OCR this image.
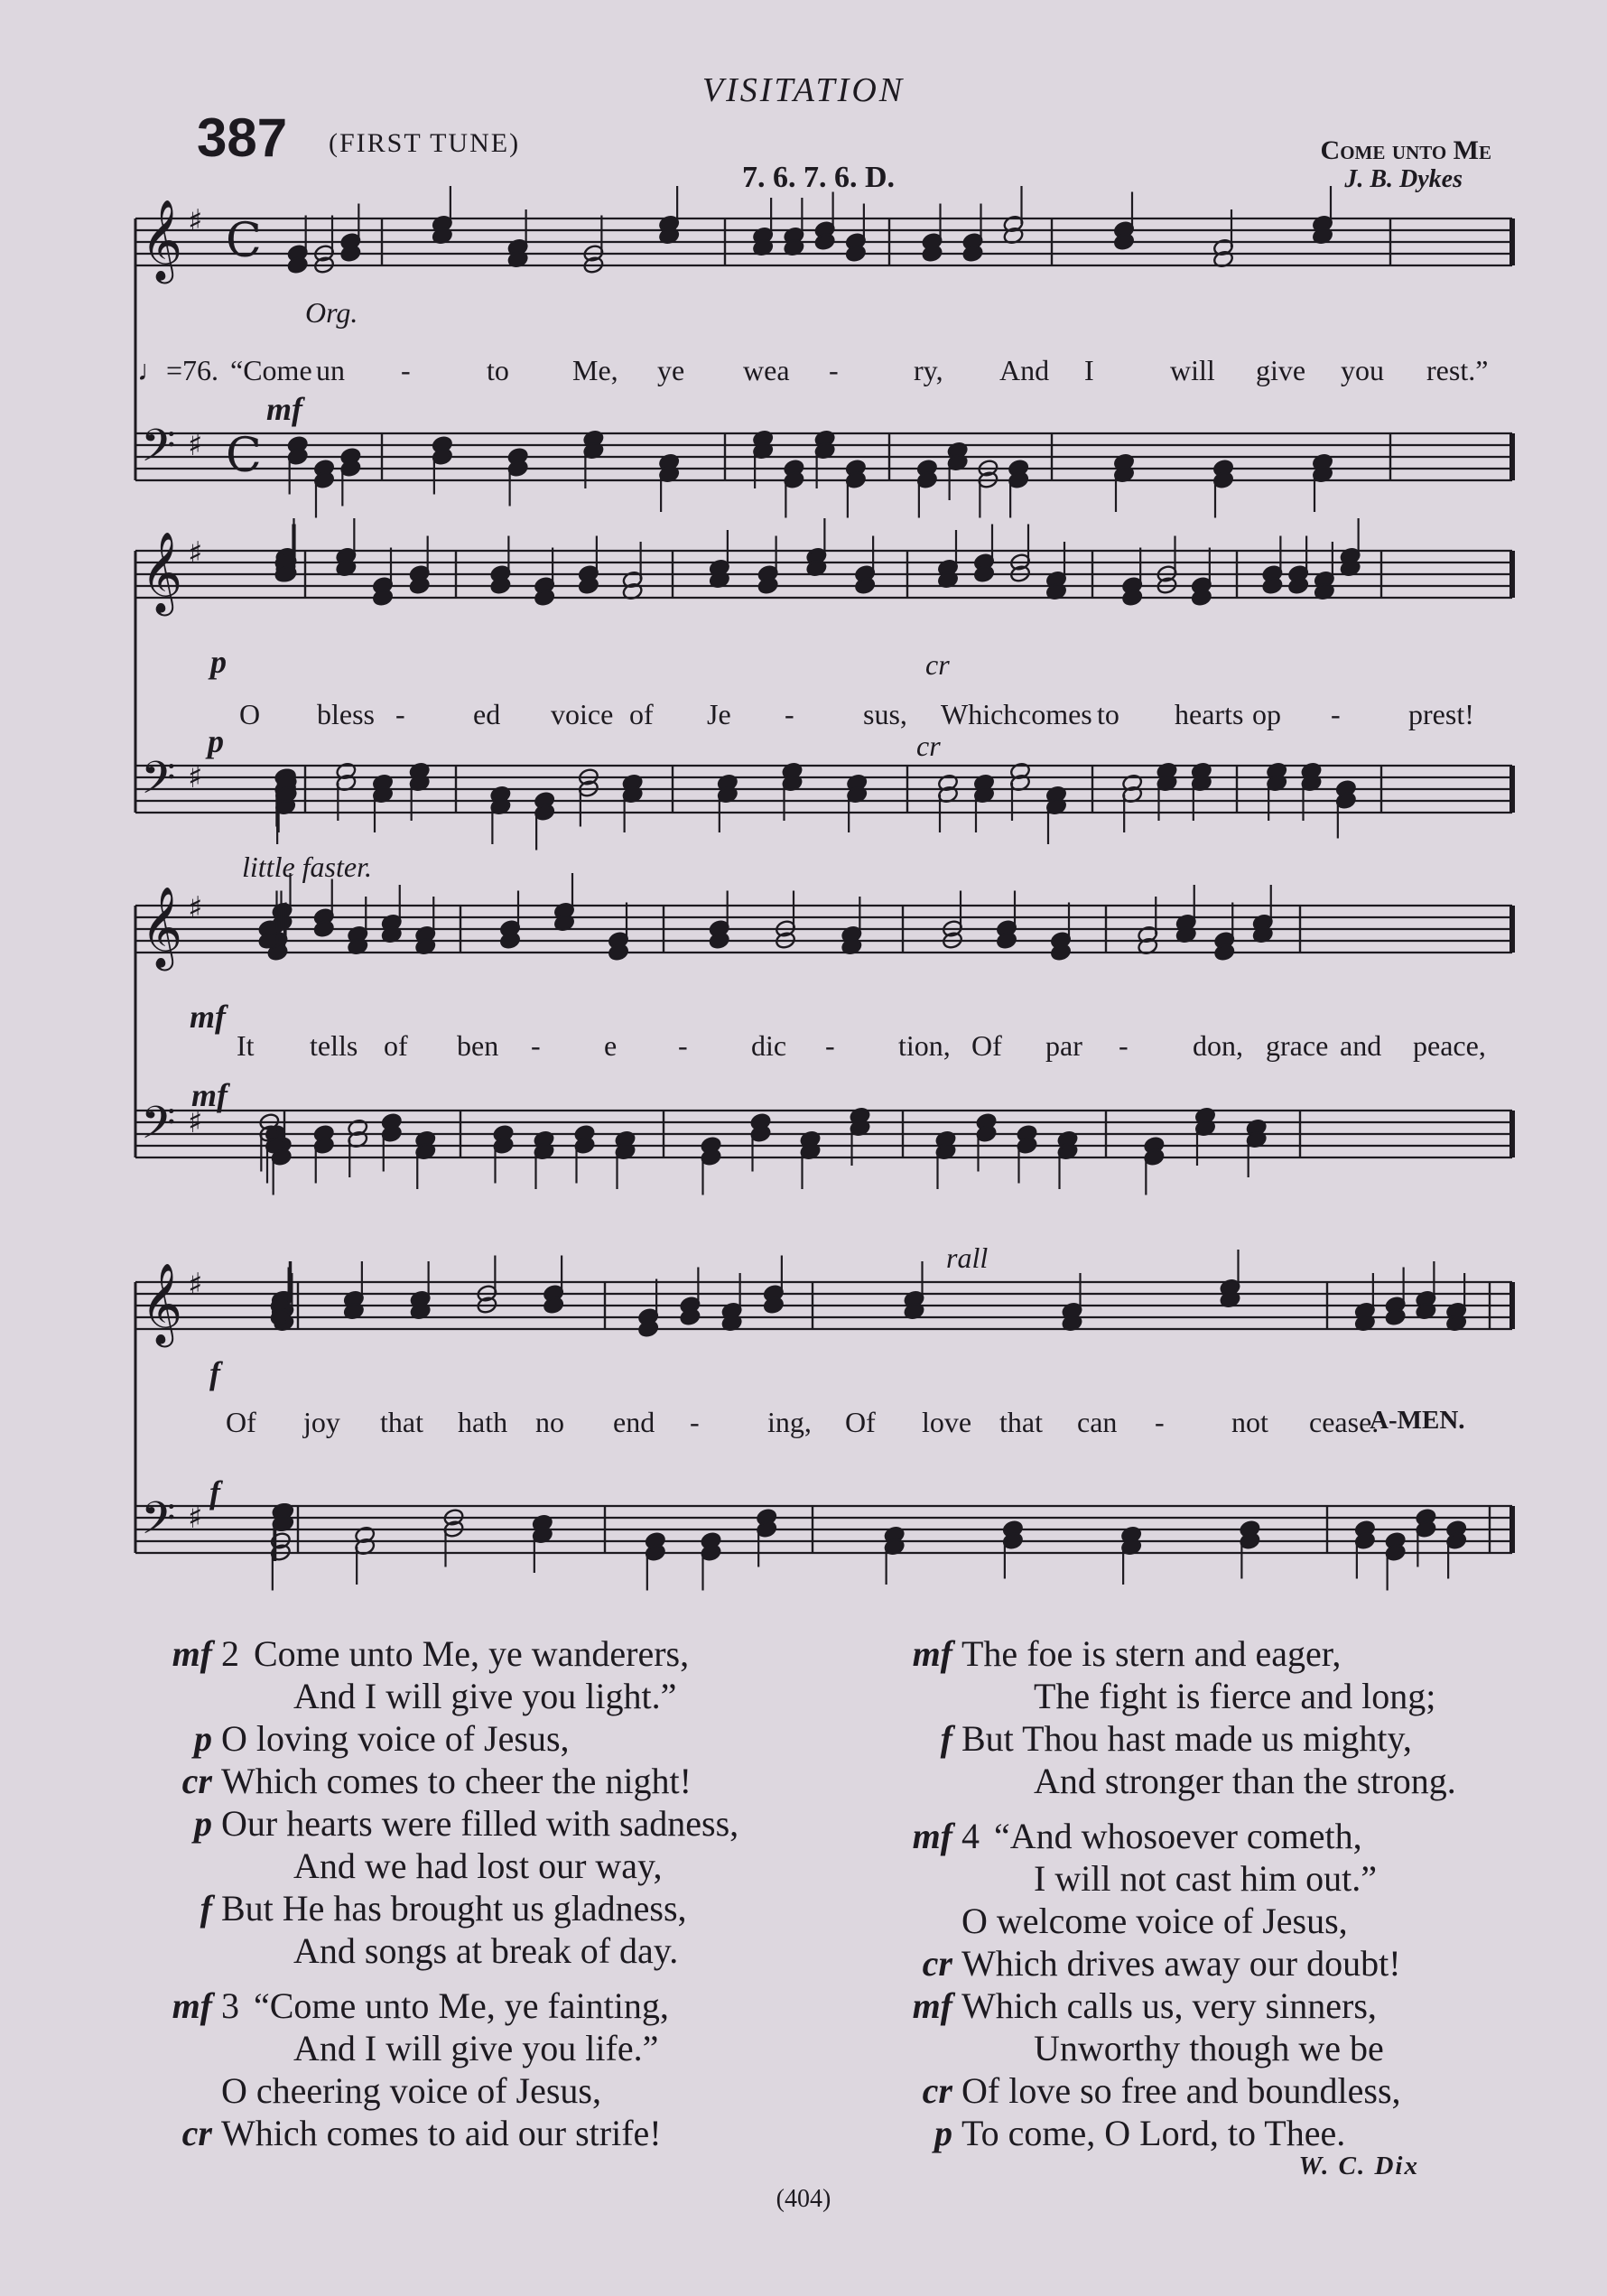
VISITATION
387 (FIRST TUNE)
7. 6. 7. 6. D.
Come unto Me
J. B. Dykes
𝄞 ♯ C
𝄢 ♯ C
𝄞 ♯
𝄢 ♯
𝄞 ♯
𝄢 ♯
𝄞 ♯
𝄢 ♯
Org.
♩=76.
mf
p	cr
p	cr
little faster.
mf
mf
rall
f
f
“Come un -	to Me, ye wea -	ry, And I	will give you rest.”
O bless - ed voice of Je - sus, Which comes to hearts op - prest!
It tells of ben - e - dic - tion, Of par - don, grace and peace,
Of joy that hath no end - ing, Of love that can - not cease.
A-MEN.
mf 2 Come unto Me, ye wanderers,
And I will give you light.”
p O loving voice of Jesus,
cr Which comes to cheer the night!
p Our hearts were filled with sadness,
And we had lost our way,
f But He has brought us gladness,
And songs at break of day.
mf 3 “Come unto Me, ye fainting,
And I will give you life.”
O cheering voice of Jesus,
cr Which comes to aid our strife!
mf The foe is stern and eager,
The fight is fierce and long;
f But Thou hast made us mighty,
And stronger than the strong.
mf 4 “And whosoever cometh,
I will not cast him out.”
O welcome voice of Jesus,
cr Which drives away our doubt!
mf Which calls us, very sinners,
Unworthy though we be
cr Of love so free and boundless,
p To come, O Lord, to Thee.
W. C. Dix
(404)
